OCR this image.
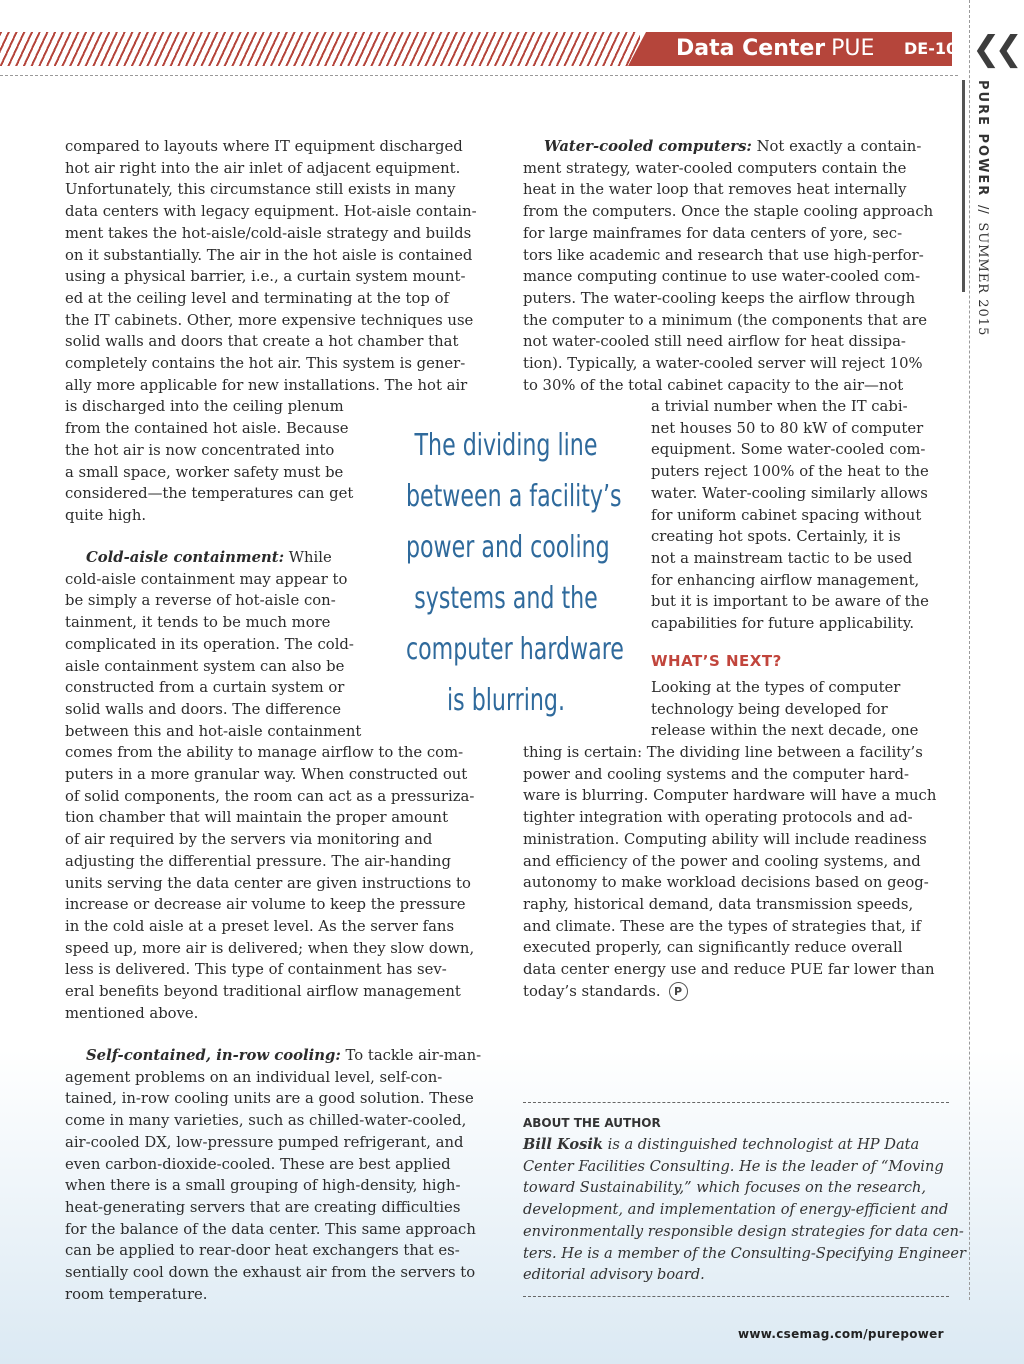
Data Center PUE DE-10 ❮❮
PURE POWER // SUMMER 2015
compared to layouts where IT equipment discharged
hot air right into the air inlet of adjacent equipment.
Unfortunately, this circumstance still exists in many
data centers with legacy equipment. Hot-aisle contain-
ment takes the hot-aisle/cold-aisle strategy and builds
on it substantially. The air in the hot aisle is contained
using a physical barrier, i.e., a curtain system mount-
ed at the ceiling level and terminating at the top of
the IT cabinets. Other, more expensive techniques use
solid walls and doors that create a hot chamber that
completely contains the hot air. This system is gener-
ally more applicable for new installations. The hot air
is discharged into the ceiling plenum
from the contained hot aisle. Because
the hot air is now concentrated into
a small space, worker safety must be
considered—the temperatures can get
quite high.
Cold-aisle containment: While
cold-aisle containment may appear to
be simply a reverse of hot-aisle con-
tainment, it tends to be much more
complicated in its operation. The cold-
aisle containment system can also be
constructed from a curtain system or
solid walls and doors. The difference
between this and hot-aisle containment
comes from the ability to manage airflow to the com-
puters in a more granular way. When constructed out
of solid components, the room can act as a pressuriza-
tion chamber that will maintain the proper amount
of air required by the servers via monitoring and
adjusting the differential pressure. The air-handing
units serving the data center are given instructions to
increase or decrease air volume to keep the pressure
in the cold aisle at a preset level. As the server fans
speed up, more air is delivered; when they slow down,
less is delivered. This type of containment has sev-
eral benefits beyond traditional airflow management
mentioned above.
Self-contained, in-row cooling: To tackle air-man-
agement problems on an individual level, self-con-
tained, in-row cooling units are a good solution. These
come in many varieties, such as chilled-water-cooled,
air-cooled DX, low-pressure pumped refrigerant, and
even carbon-dioxide-cooled. These are best applied
when there is a small grouping of high-density, high-
heat-generating servers that are creating difficulties
for the balance of the data center. This same approach
can be applied to rear-door heat exchangers that es-
sentially cool down the exhaust air from the servers to
room temperature.
The dividing line
between a facility’s
power and cooling
systems and the
computer hardware
is blurring.
Water-cooled computers: Not exactly a contain-
ment strategy, water-cooled computers contain the
heat in the water loop that removes heat internally
from the computers. Once the staple cooling approach
for large mainframes for data centers of yore, sec-
tors like academic and research that use high-perfor-
mance computing continue to use water-cooled com-
puters. The water-cooling keeps the airflow through
the computer to a minimum (the components that are
not water-cooled still need airflow for heat dissipa-
tion). Typically, a water-cooled server will reject 10%
to 30% of the total cabinet capacity to the air—not
a trivial number when the IT cabi-
net houses 50 to 80 kW of computer
equipment. Some water-cooled com-
puters reject 100% of the heat to the
water. Water-cooling similarly allows
for uniform cabinet spacing without
creating hot spots. Certainly, it is
not a mainstream tactic to be used
for enhancing airflow management,
but it is important to be aware of the
capabilities for future applicability.
WHAT’S NEXT?
Looking at the types of computer
technology being developed for
release within the next decade, one
thing is certain: The dividing line between a facility’s
power and cooling systems and the computer hard-
ware is blurring. Computer hardware will have a much
tighter integration with operating protocols and ad-
ministration. Computing ability will include readiness
and efficiency of the power and cooling systems, and
autonomy to make workload decisions based on geog-
raphy, historical demand, data transmission speeds,
and climate. These are the types of strategies that, if
executed properly, can significantly reduce overall
data center energy use and reduce PUE far lower than
today’s standards. P
ABOUT THE AUTHOR
Bill Kosik is a distinguished technologist at HP Data
Center Facilities Consulting. He is the leader of “Moving
toward Sustainability,” which focuses on the research,
development, and implementation of energy-efficient and
environmentally responsible design strategies for data cen-
ters. He is a member of the Consulting-Specifying Engineer
editorial advisory board.
www.csemag.com/purepower
